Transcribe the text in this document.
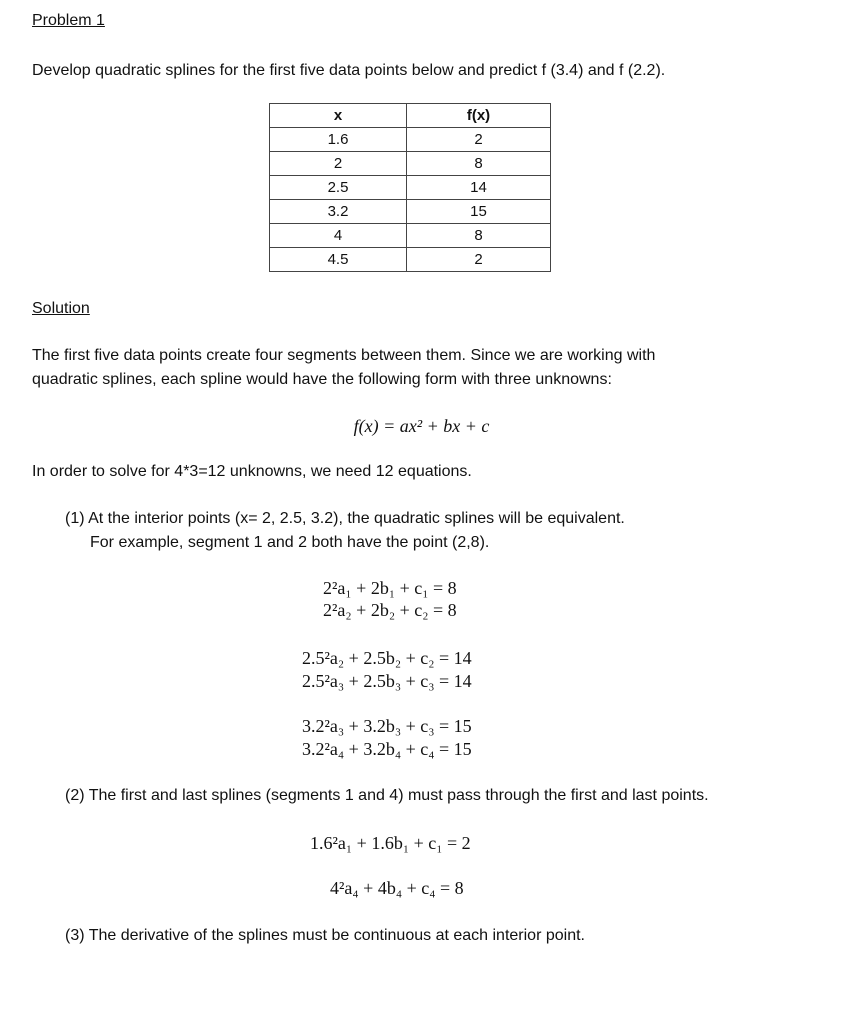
Problem 1
Develop quadratic splines for the first five data points below and predict f (3.4) and f (2.2).
x	f(x)
1.6	2
2	8
2.5	14
3.2	15
4	8
4.5	2
Solution
The first five data points create four segments between them. Since we are working with
quadratic splines, each spline would have the following form with three unknowns:
f(x) = ax² + bx + c
In order to solve for 4*3=12 unknowns, we need 12 equations.
(1) At the interior points (x= 2, 2.5, 3.2), the quadratic splines will be equivalent.
For example, segment 1 and 2 both have the point (2,8).
2²a₁ + 2b₁ + c₁ = 8
2²a₂ + 2b₂ + c₂ = 8
2.5²a₂ + 2.5b₂ + c₂ = 14
2.5²a₃ + 2.5b₃ + c₃ = 14
3.2²a₃ + 3.2b₃ + c₃ = 15
3.2²a₄ + 3.2b₄ + c₄ = 15
(2) The first and last splines (segments 1 and 4) must pass through the first and last points.
1.6²a₁ + 1.6b₁ + c₁ = 2
4²a₄ + 4b₄ + c₄ = 8
(3) The derivative of the splines must be continuous at each interior point.
